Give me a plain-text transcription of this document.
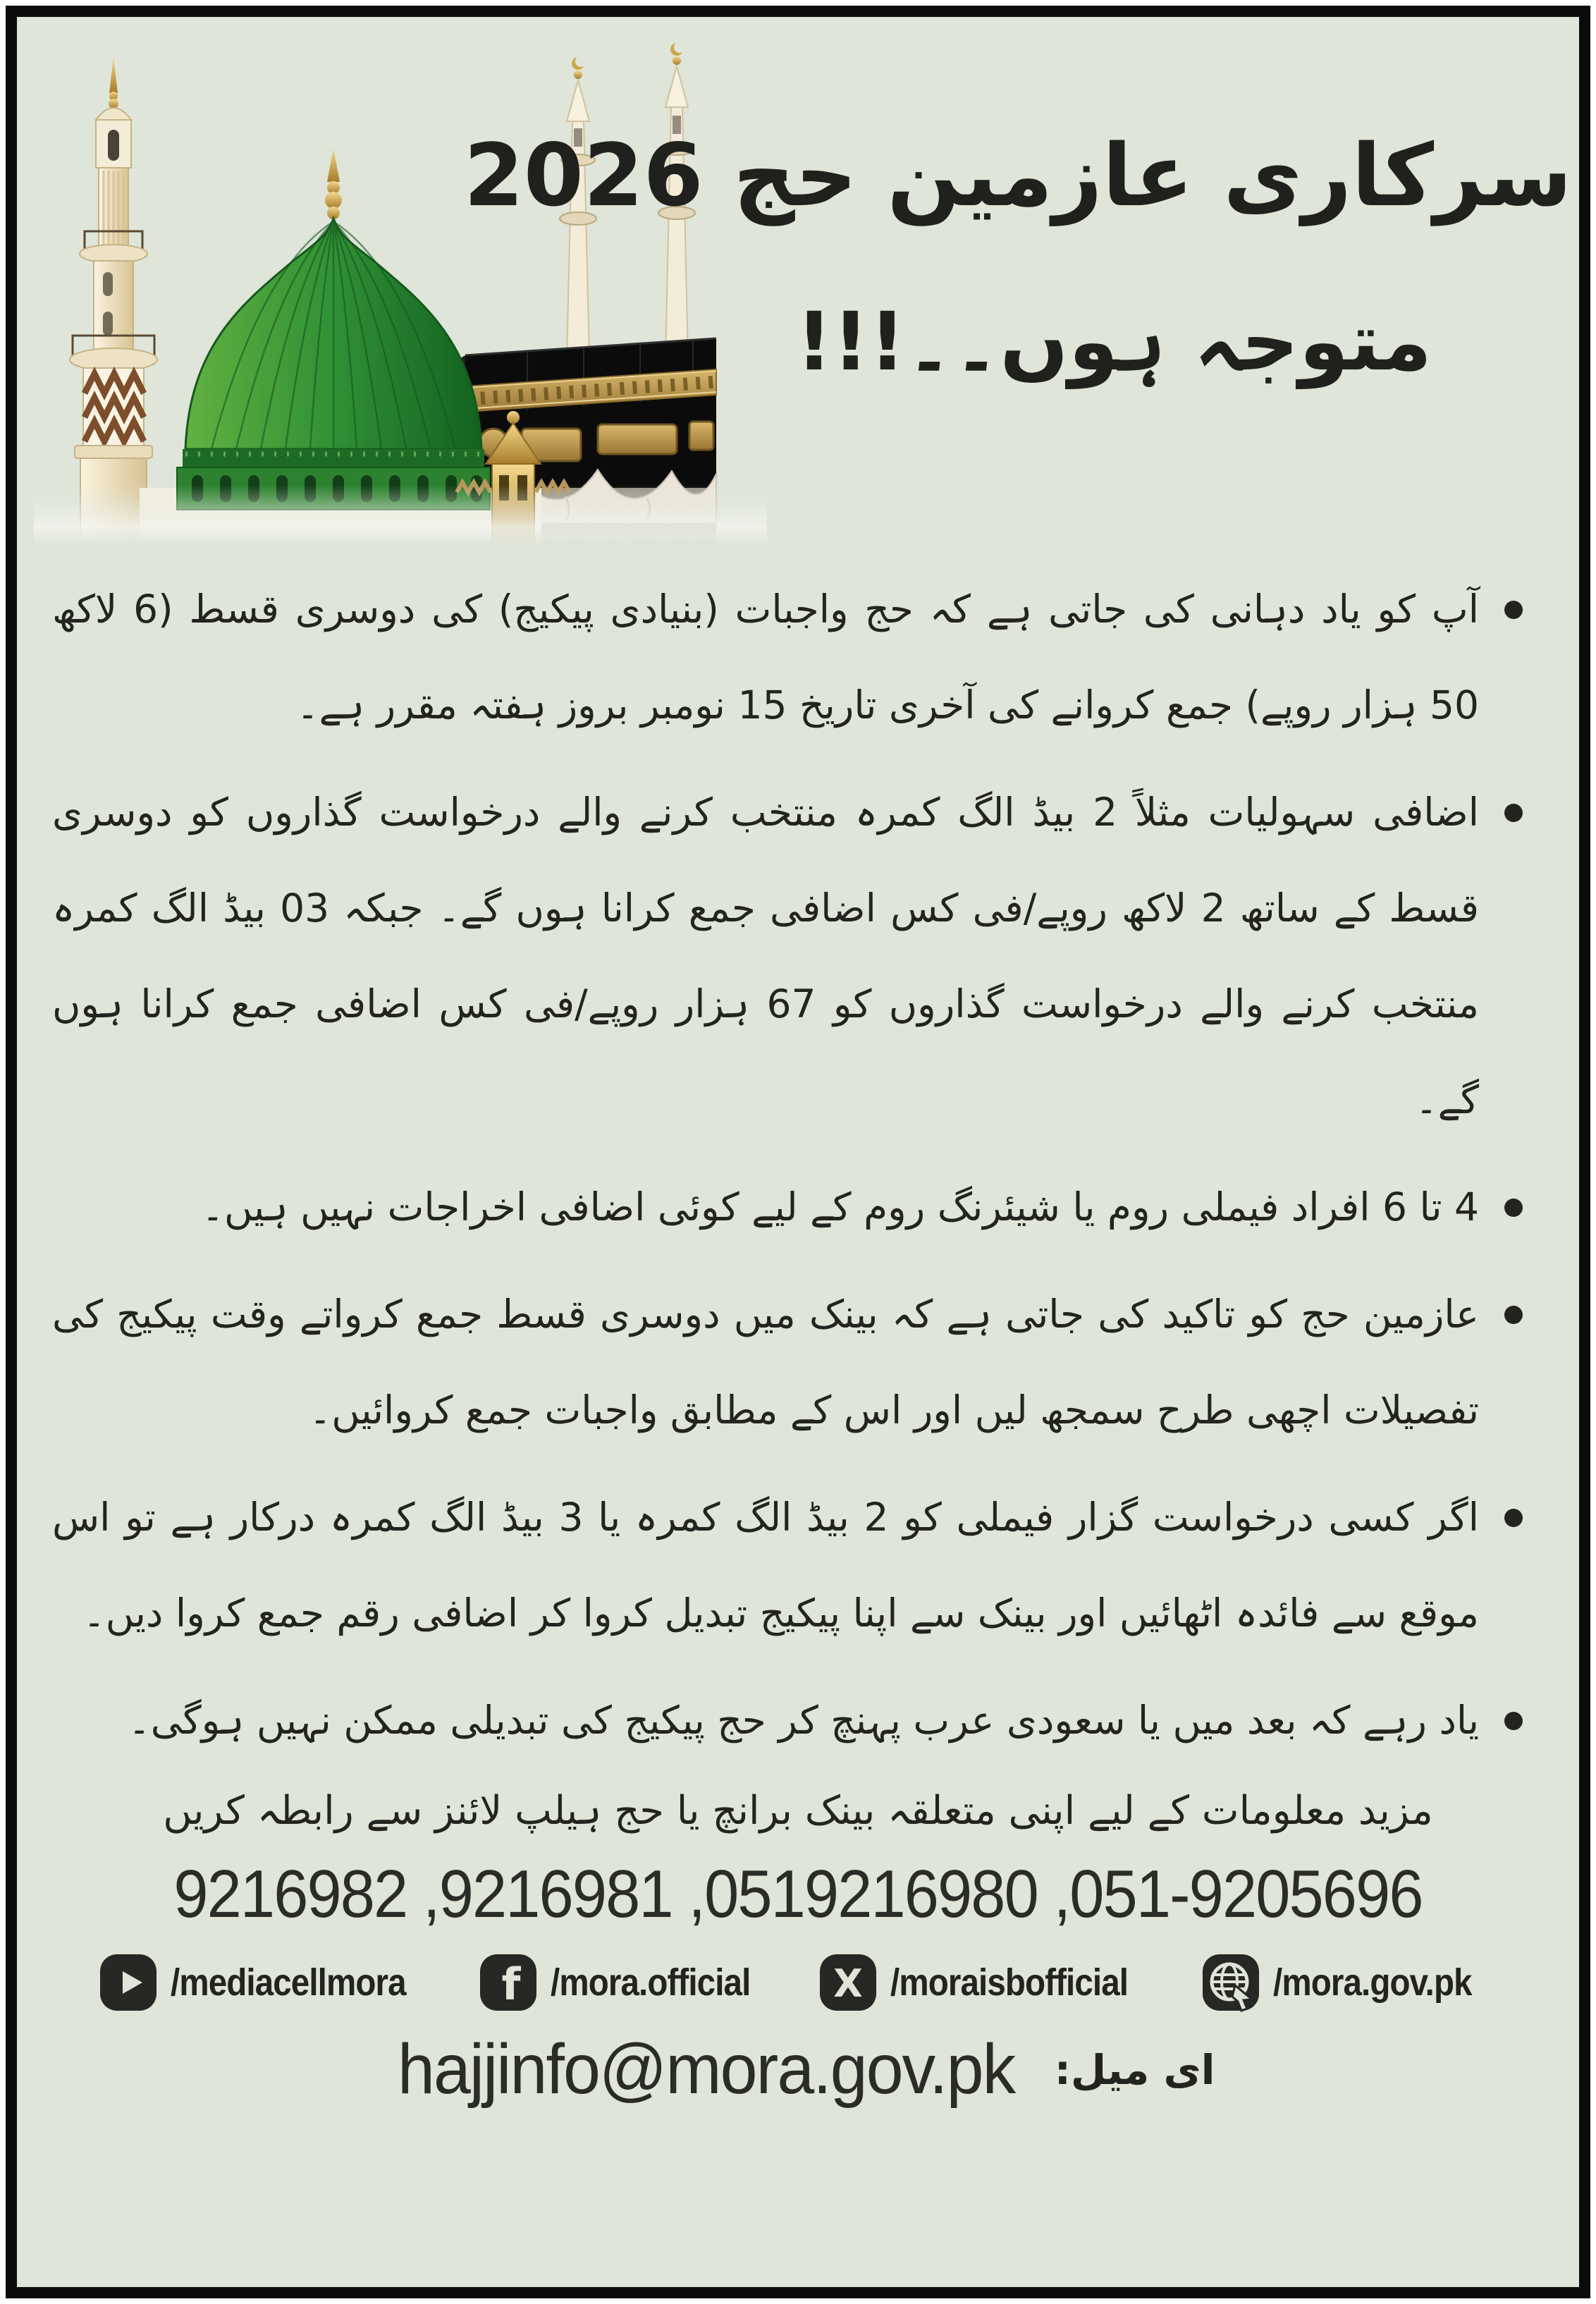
سرکاری عازمین حج 2026
متوجہ ہوں۔۔!!!
آپ کو یاد دہانی کی جاتی ہے کہ حج واجبات (بنیادی پیکیج) کی دوسری قسط (6 لاکھ 50 ہزار روپے) جمع کروانے کی آخری تاریخ 15 نومبر بروز ہفتہ مقرر ہے۔
اضافی سہولیات مثلاً 2 بیڈ الگ کمرہ منتخب کرنے والے درخواست گذاروں کو دوسری قسط کے ساتھ 2 لاکھ روپے/فی کس اضافی جمع کرانا ہوں گے۔ جبکہ 03 بیڈ الگ کمرہ منتخب کرنے والے درخواست گذاروں کو 67 ہزار روپے/فی کس اضافی جمع کرانا ہوں گے۔
4 تا 6 افراد فیملی روم یا شیئرنگ روم کے لیے کوئی اضافی اخراجات نہیں ہیں۔
عازمین حج کو تاکید کی جاتی ہے کہ بینک میں دوسری قسط جمع کرواتے وقت پیکیج کی تفصیلات اچھی طرح سمجھ لیں اور اس کے مطابق واجبات جمع کروائیں۔
اگر کسی درخواست گزار فیملی کو 2 بیڈ الگ کمرہ یا 3 بیڈ الگ کمرہ درکار ہے تو اس موقع سے فائدہ اٹھائیں اور بینک سے اپنا پیکیج تبدیل کروا کر اضافی رقم جمع کروا دیں۔
یاد رہے کہ بعد میں یا سعودی عرب پہنچ کر حج پیکیج کی تبدیلی ممکن نہیں ہوگی۔
مزید معلومات کے لیے اپنی متعلقہ بینک برانچ یا حج ہیلپ لائنز سے رابطہ کریں
051-9205696, 0519216980, 9216981, 9216982
/mediacellmora f /mora.official X /moraisbofficial	/mora.gov.pk
ای میل:
hajjinfo@mora.gov.pk
